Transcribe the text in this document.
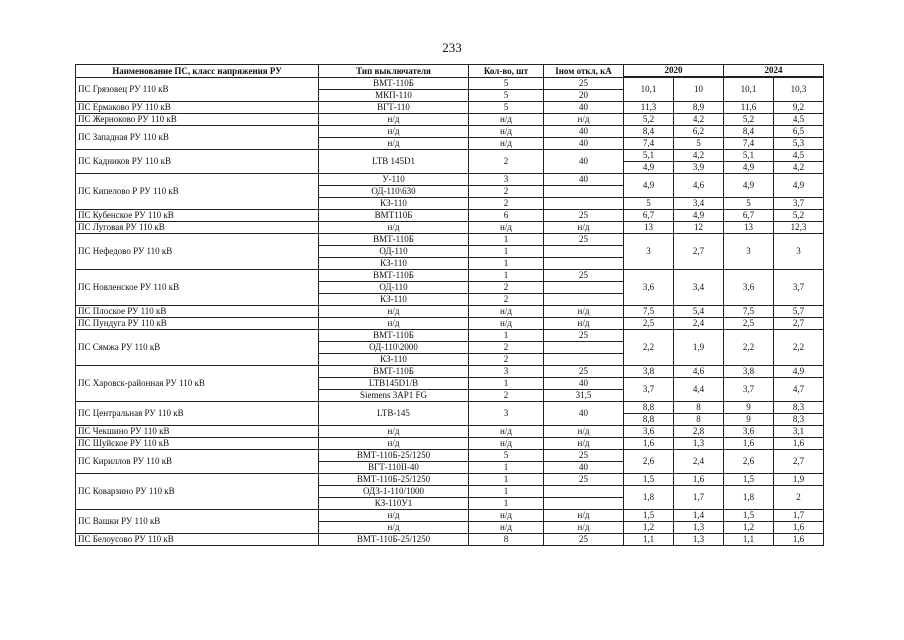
233
Наименование ПС, класс напряжения РУ	Тип выключателя	Кол-во, шт	Iном откл, кА	2020		2024	

ПС Грязовец РУ 110 кВ	ВМТ-110Б	5	25	10,1	10	10,1	10,3
	МКП-110	5	20				
ПС Ермаково РУ 110 кВ	ВГТ-110	5	40	11,3	8,9	11,6	9,2
ПС Жерноково РУ 110 кВ	н/д	н/д	н/д	5,2	4,2	5,2	4,5
ПС Западная РУ 110 кВ	н/д	н/д	40	8,4	6,2	8,4	6,5
	н/д	н/д	40	7,4	5	7,4	5,3
ПС Кадников РУ 110 кВ	LTB 145D1	2	40	5,1	4,2	5,1	4,5
				4,9	3,9	4,9	4,2
ПС Кипелово Р РУ 110 кВ	У-110	3	40	4,9	4,6	4,9	4,9
	ОД-110\630	2					
	КЗ-110	2		5	3,4	5	3,7
ПС Кубенское РУ 110 кВ	ВМТ110Б	6	25	6,7	4,9	6,7	5,2
ПС Луговая РУ 110 кВ	н/д	н/д	н/д	13	12	13	12,3
ПС Нефедово РУ 110 кВ	ВМТ-110Б	1	25	3	2,7	3	3
	ОД-110	1					
	КЗ-110	1					
ПС Новленское РУ 110 кВ	ВМТ-110Б	1	25	3,6	3,4	3,6	3,7
	ОД-110	2					
	КЗ-110	2					
ПС Плоское РУ 110 кВ	н/д	н/д	н/д	7,5	5,4	7,5	5,7
ПС Пундуга РУ 110 кВ	н/д	н/д	н/д	2,5	2,4	2,5	2,7
ПС Сямжа РУ 110 кВ	ВМТ-110Б	1	25	2,2	1,9	2,2	2,2
	ОД-110\2000	2					
	КЗ-110	2					
ПС Харовск-районная РУ 110 кВ	ВМТ-110Б	3	25	3,8	4,6	3,8	4,9
	LTB145D1/B	1	40	3,7	4,4	3,7	4,7
	Siemens 3AP1 FG	2	31,5				
ПС Центральная РУ 110 кВ	LTB-145	3	40	8,8	8	9	8,3
				8,8	8	9	8,3
ПС Чекшино РУ 110 кВ	н/д	н/д	н/д	3,6	2,8	3,6	3,1
ПС Шуйское РУ 110 кВ	н/д	н/д	н/д	1,6	1,3	1,6	1,6
ПС Кириллов РУ 110 кВ	ВМТ-110Б-25/1250	5	25	2,6	2,4	2,6	2,7
	ВГТ-110II-40	1	40				
ПС Коварзино РУ 110 кВ	ВМТ-110Б-25/1250	1	25	1,5	1,6	1,5	1,9
	ОДЗ-1-110/1000	1		1,8	1,7	1,8	2
	КЗ-110У1	1					
ПС Вашки РУ 110 кВ	н/д	н/д	н/д	1,5	1,4	1,5	1,7
	н/д	н/д	н/д	1,2	1,3	1,2	1,6
ПС Белоусово РУ 110 кВ	ВМТ-110Б-25/1250	8	25	1,1	1,3	1,1	1,6
